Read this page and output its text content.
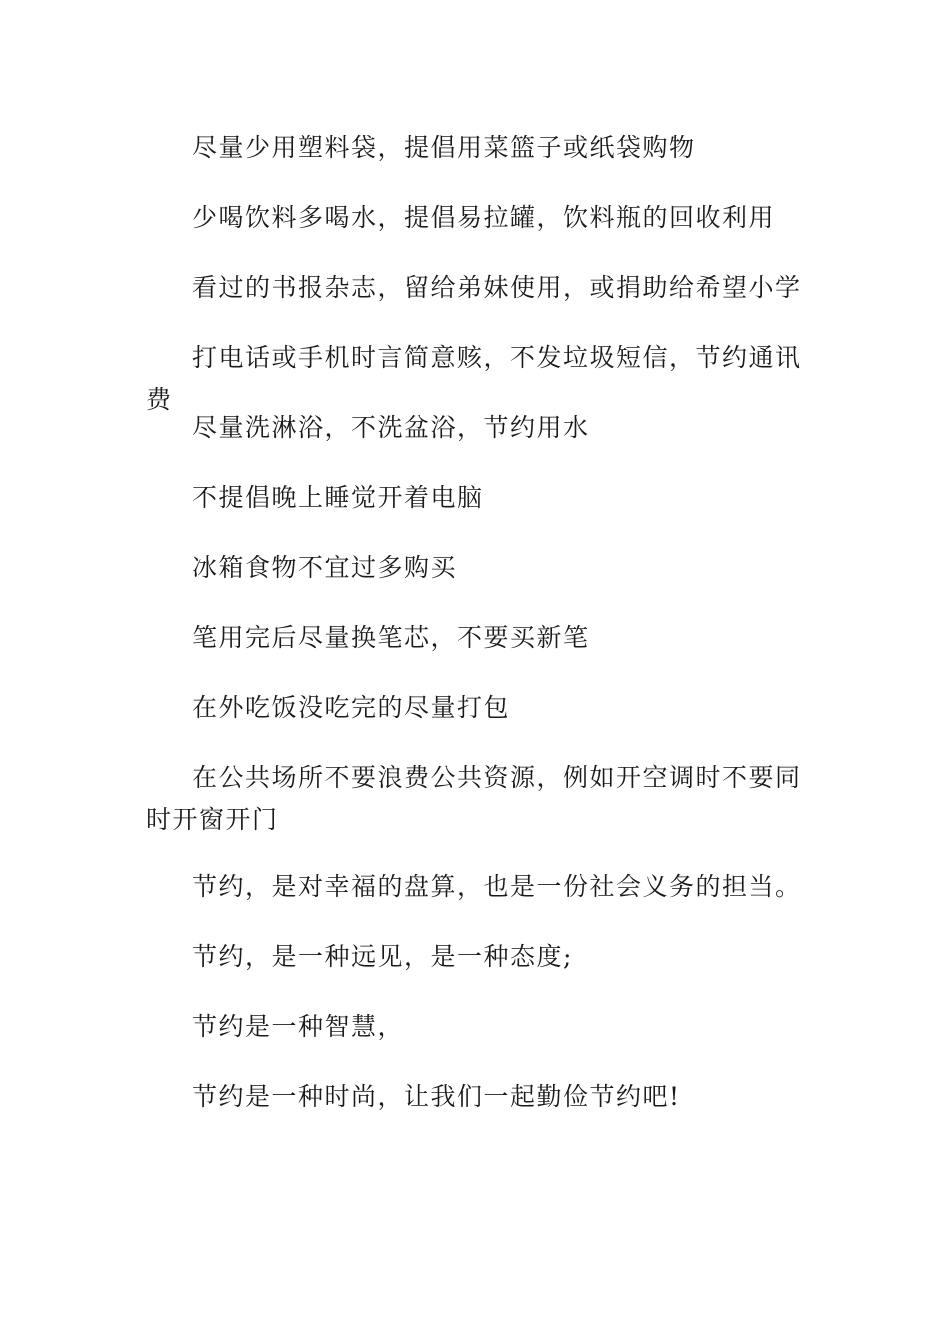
尽量少用塑料袋，提倡用菜篮子或纸袋购物

少喝饮料多喝水，提倡易拉罐，饮料瓶的回收利用

看过的书报杂志，留给弟妹使用，或捐助给希望小学

打电话或手机时言简意赅，不发垃圾短信，节约通讯费

尽量洗淋浴，不洗盆浴，节约用水

不提倡晚上睡觉开着电脑

冰箱食物不宜过多购买

笔用完后尽量换笔芯，不要买新笔

在外吃饭没吃完的尽量打包

在公共场所不要浪费公共资源，例如开空调时不要同时开窗开门

节约，是对幸福的盘算，也是一份社会义务的担当。

节约，是一种远见，是一种态度;

节约是一种智慧，

节约是一种时尚，让我们一起勤俭节约吧!
